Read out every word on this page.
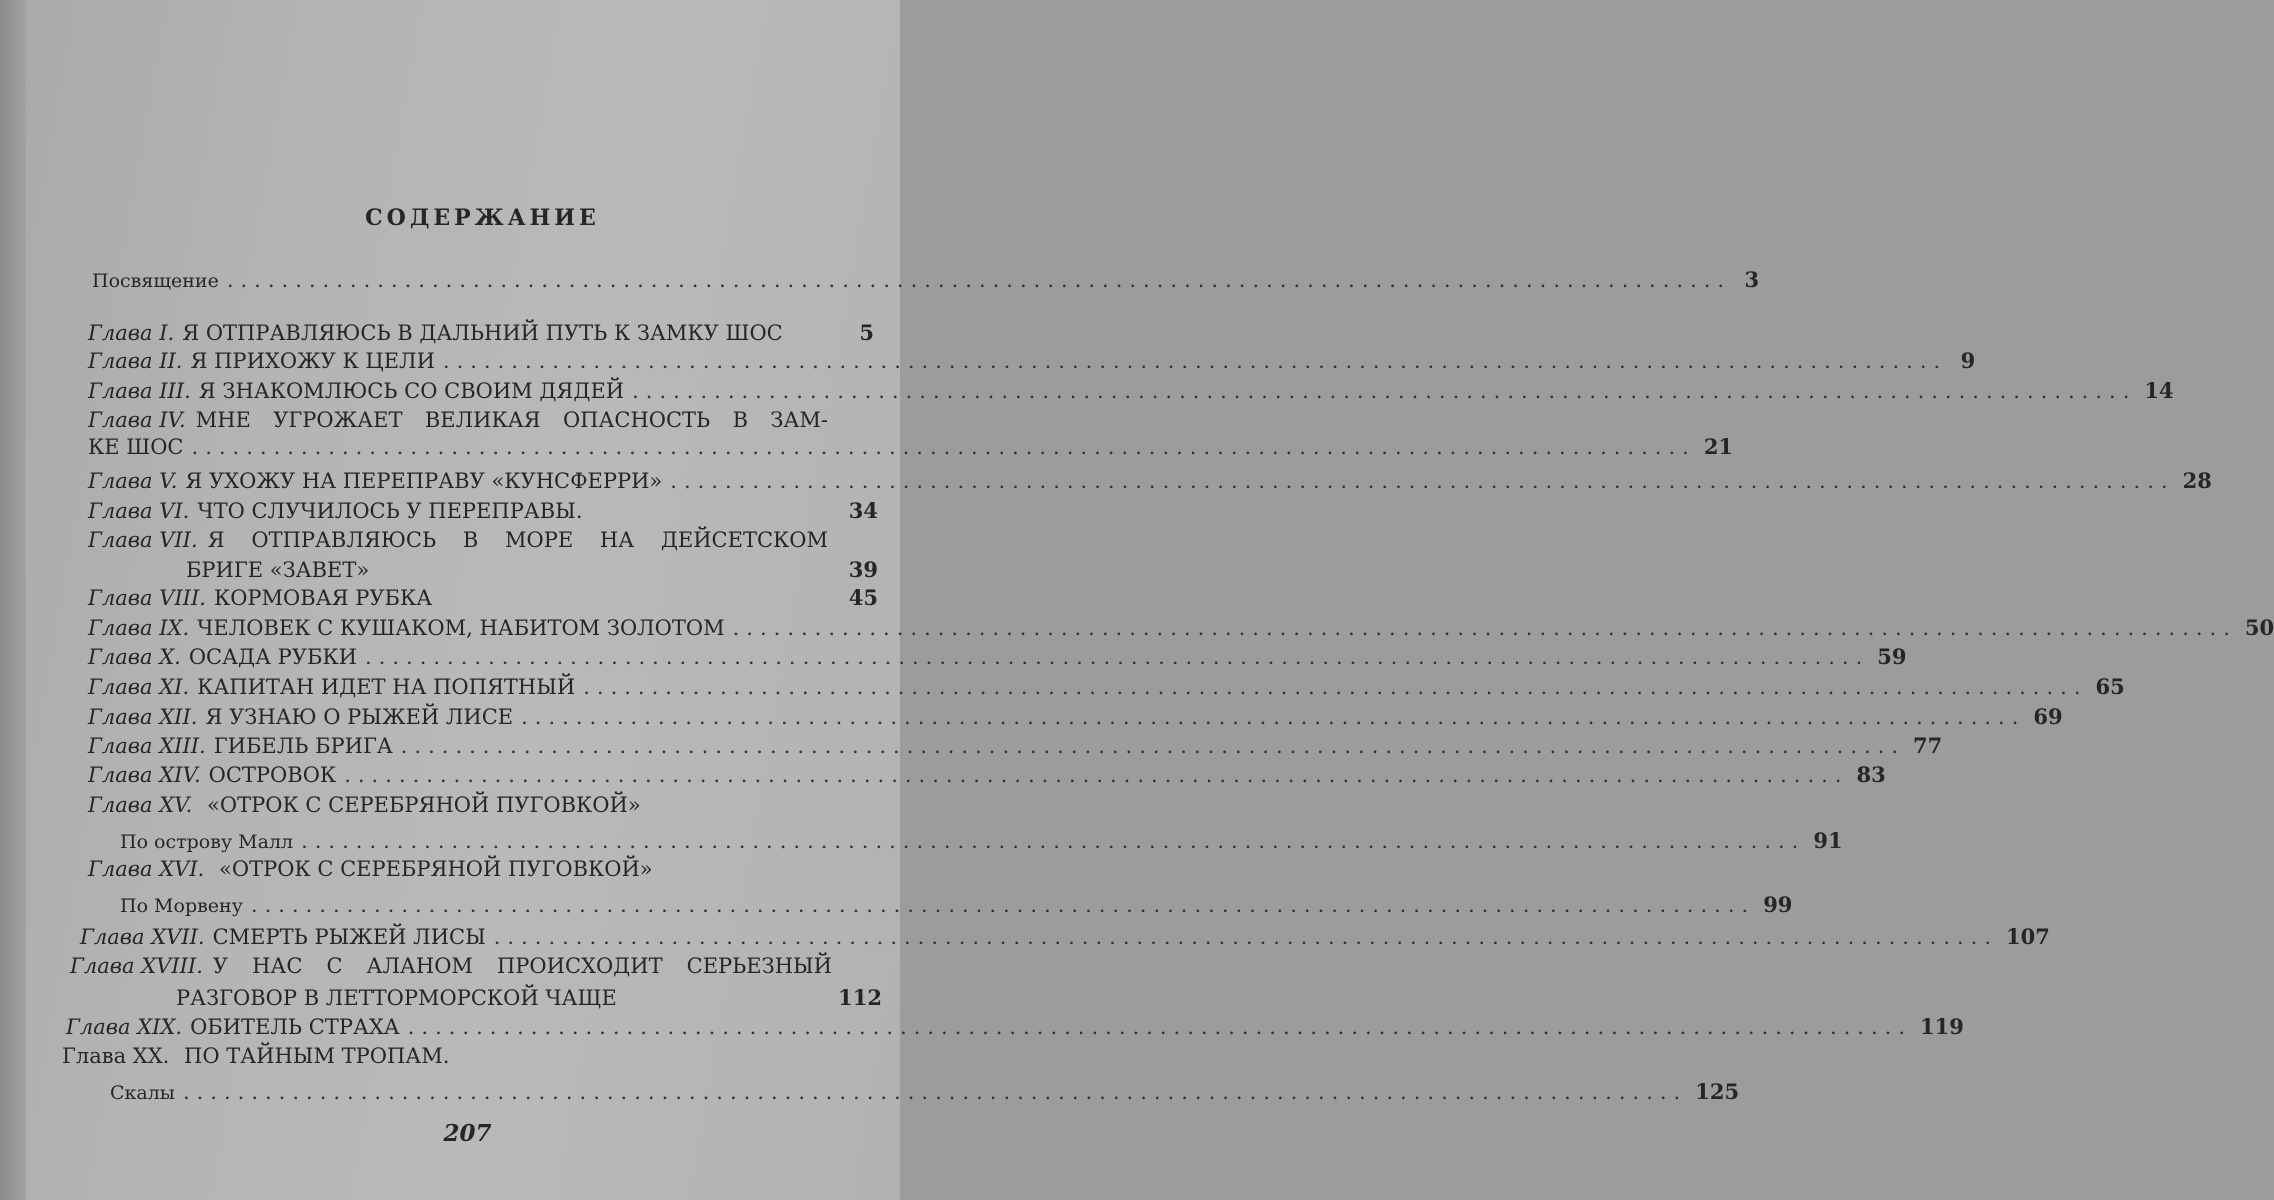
СОДЕРЖАНИЕ
Посвящение .............................................................................................................. 3
Глава I. Я ОТПРАВЛЯЮСЬ В ДАЛЬНИЙ ПУТЬ К ЗАМКУ ШОС	5
Глава II. Я ПРИХОЖУ К ЦЕЛИ .............................................................................................................. 9
Глава III. Я ЗНАКОМЛЮСЬ СО СВОИМ ДЯДЕЙ .............................................................................................................. 14
Глава IV. МНЕ УГРОЖАЕТ ВЕЛИКАЯ ОПАСНОСТЬ В ЗАМ-
КЕ ШОС .............................................................................................................. 21
Глава V. Я УХОЖУ НА ПЕРЕПРАВУ «КУНСФЕРРИ» .............................................................................................................. 28
Глава VI. ЧТО СЛУЧИЛОСЬ У ПЕРЕПРАВЫ.	34
Глава VII. Я ОТПРАВЛЯЮСЬ В МОРЕ НА ДЕЙСЕТСКОМ
БРИГЕ «ЗАВЕТ»	39
Глава VIII. КОРМОВАЯ РУБКА	45
Глава IX. ЧЕЛОВЕК С КУШАКОМ, НАБИТОМ ЗОЛОТОМ .............................................................................................................. 50
Глава X. ОСАДА РУБКИ .............................................................................................................. 59
Глава XI. КАПИТАН ИДЕТ НА ПОПЯТНЫЙ .............................................................................................................. 65
Глава XII. Я УЗНАЮ О РЫЖЕЙ ЛИСЕ .............................................................................................................. 69
Глава XIII. ГИБЕЛЬ БРИГА .............................................................................................................. 77
Глава XIV. ОСТРОВОК .............................................................................................................. 83
Глава XV. «ОТРОК С СЕРЕБРЯНОЙ ПУГОВКОЙ»
По острову Малл .............................................................................................................. 91
Глава XVI. «ОТРОК С СЕРЕБРЯНОЙ ПУГОВКОЙ»
По Морвену .............................................................................................................. 99
Глава XVII. СМЕРТЬ РЫЖЕЙ ЛИСЫ .............................................................................................................. 107
Глава XVIII. У НАС С АЛАНОМ ПРОИСХОДИТ СЕРЬЕЗНЫЙ
РАЗГОВОР В ЛЕТТОРМОРСКОЙ ЧАЩЕ	112
Глава XIX. ОБИТЕЛЬ СТРАХА .............................................................................................................. 119
Глава XX. ПО ТАЙНЫМ ТРОПАМ.
Скалы .............................................................................................................. 125
207
